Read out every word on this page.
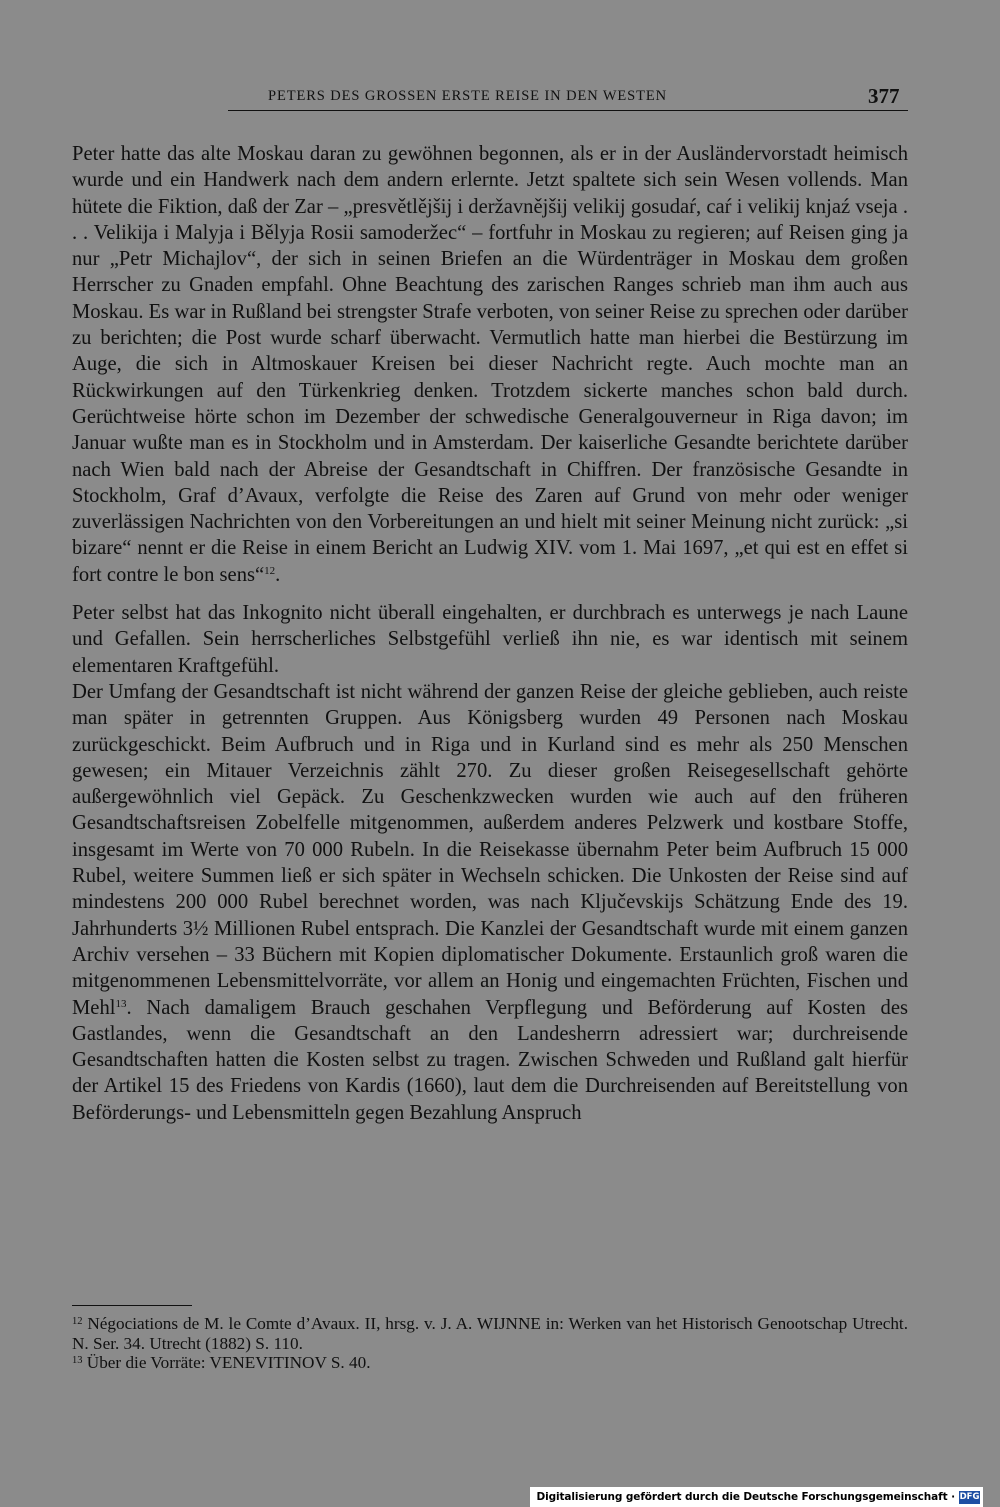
PETERS DES GROSSEN ERSTE REISE IN DEN WESTEN	377

Peter hatte das alte Moskau daran zu gewöhnen begonnen, als er in der Ausländervorstadt heimisch wurde und ein Handwerk nach dem andern erlernte. Jetzt spaltete sich sein Wesen vollends. Man hütete die Fiktion, daß der Zar – „presvětlějšij i deržavnějšij velikij gosudaŕ, caŕ i velikij knjaź vseja . . . Velikija i Malyja i Bělyja Rosii samoderžec“ – fortfuhr in Moskau zu regieren; auf Reisen ging ja nur „Petr Michajlov“, der sich in seinen Briefen an die Würdenträger in Moskau dem großen Herrscher zu Gnaden empfahl. Ohne Beachtung des zarischen Ranges schrieb man ihm auch aus Moskau. Es war in Rußland bei strengster Strafe verboten, von seiner Reise zu sprechen oder darüber zu berichten; die Post wurde scharf überwacht. Vermutlich hatte man hierbei die Bestürzung im Auge, die sich in Altmoskauer Kreisen bei dieser Nachricht regte. Auch mochte man an Rückwirkungen auf den Türkenkrieg denken. Trotzdem sickerte manches schon bald durch. Gerüchtweise hörte schon im Dezember der schwedische Generalgouverneur in Riga davon; im Januar wußte man es in Stockholm und in Amsterdam. Der kaiserliche Gesandte berichtete darüber nach Wien bald nach der Abreise der Gesandtschaft in Chiffren. Der französische Gesandte in Stockholm, Graf d’Avaux, verfolgte die Reise des Zaren auf Grund von mehr oder weniger zuverlässigen Nachrichten von den Vorbereitungen an und hielt mit seiner Meinung nicht zurück: „si bizare“ nennt er die Reise in einem Bericht an Ludwig XIV. vom 1. Mai 1697, „et qui est en effet si fort contre le bon sens“$^{12}$.

Peter selbst hat das Inkognito nicht überall eingehalten, er durchbrach es unterwegs je nach Laune und Gefallen. Sein herrscherliches Selbstgefühl verließ ihn nie, es war identisch mit seinem elementaren Kraftgefühl.

Der Umfang der Gesandtschaft ist nicht während der ganzen Reise der gleiche geblieben, auch reiste man später in getrennten Gruppen. Aus Königsberg wurden 49 Personen nach Moskau zurückgeschickt. Beim Aufbruch und in Riga und in Kurland sind es mehr als 250 Menschen gewesen; ein Mitauer Verzeichnis zählt 270. Zu dieser großen Reisegesellschaft gehörte außergewöhnlich viel Gepäck. Zu Geschenkzwecken wurden wie auch auf den früheren Gesandtschaftsreisen Zobelfelle mitgenommen, außerdem anderes Pelzwerk und kostbare Stoffe, insgesamt im Werte von 70 000 Rubeln. In die Reisekasse übernahm Peter beim Aufbruch 15 000 Rubel, weitere Summen ließ er sich später in Wechseln schicken. Die Unkosten der Reise sind auf mindestens 200 000 Rubel berechnet worden, was nach Ključevskijs Schätzung Ende des 19. Jahrhunderts 3½ Millionen Rubel entsprach. Die Kanzlei der Gesandtschaft wurde mit einem ganzen Archiv versehen – 33 Büchern mit Kopien diplomatischer Dokumente. Erstaunlich groß waren die mitgenommenen Lebensmittelvorräte, vor allem an Honig und eingemachten Früchten, Fischen und Mehl$^{13}$. Nach damaligem Brauch geschahen Verpflegung und Beförderung auf Kosten des Gastlandes, wenn die Gesandtschaft an den Landesherrn adressiert war; durchreisende Gesandtschaften hatten die Kosten selbst zu tragen. Zwischen Schweden und Rußland galt hierfür der Artikel 15 des Friedens von Kardis (1660), laut dem die Durchreisenden auf Bereitstellung von Beförderungs- und Lebensmitteln gegen Bezahlung Anspruch

$^{12}$ Négociations de M. le Comte d’Avaux. II, hrsg. v. J. A. WIJNNE in: Werken van het Historisch Genootschap Utrecht. N. Ser. 34. Utrecht (1882) S. 110.

$^{13}$ Über die Vorräte: VENEVITINOV S. 40.

Digitalisierung gefördert durch die Deutsche Forschungsgemeinschaft · DFG
